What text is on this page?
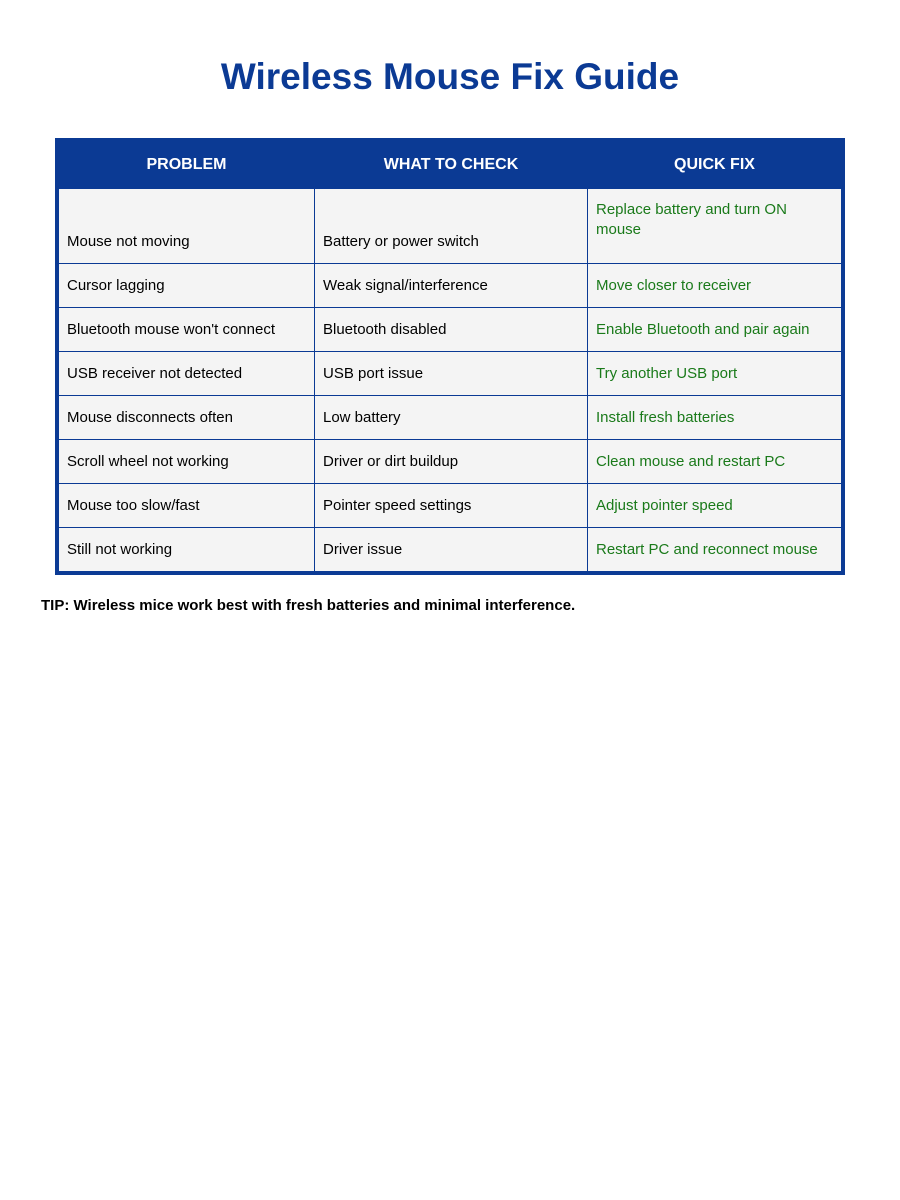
Wireless Mouse Fix Guide
PROBLEM	WHAT TO CHECK	QUICK FIX
Mouse not moving	Battery or power switch	Replace battery and turn ON mouse
Cursor lagging	Weak signal/interference	Move closer to receiver
Bluetooth mouse won't connect	Bluetooth disabled	Enable Bluetooth and pair again
USB receiver not detected	USB port issue	Try another USB port
Mouse disconnects often	Low battery	Install fresh batteries
Scroll wheel not working	Driver or dirt buildup	Clean mouse and restart PC
Mouse too slow/fast	Pointer speed settings	Adjust pointer speed
Still not working	Driver issue	Restart PC and reconnect mouse
TIP: Wireless mice work best with fresh batteries and minimal interference.
